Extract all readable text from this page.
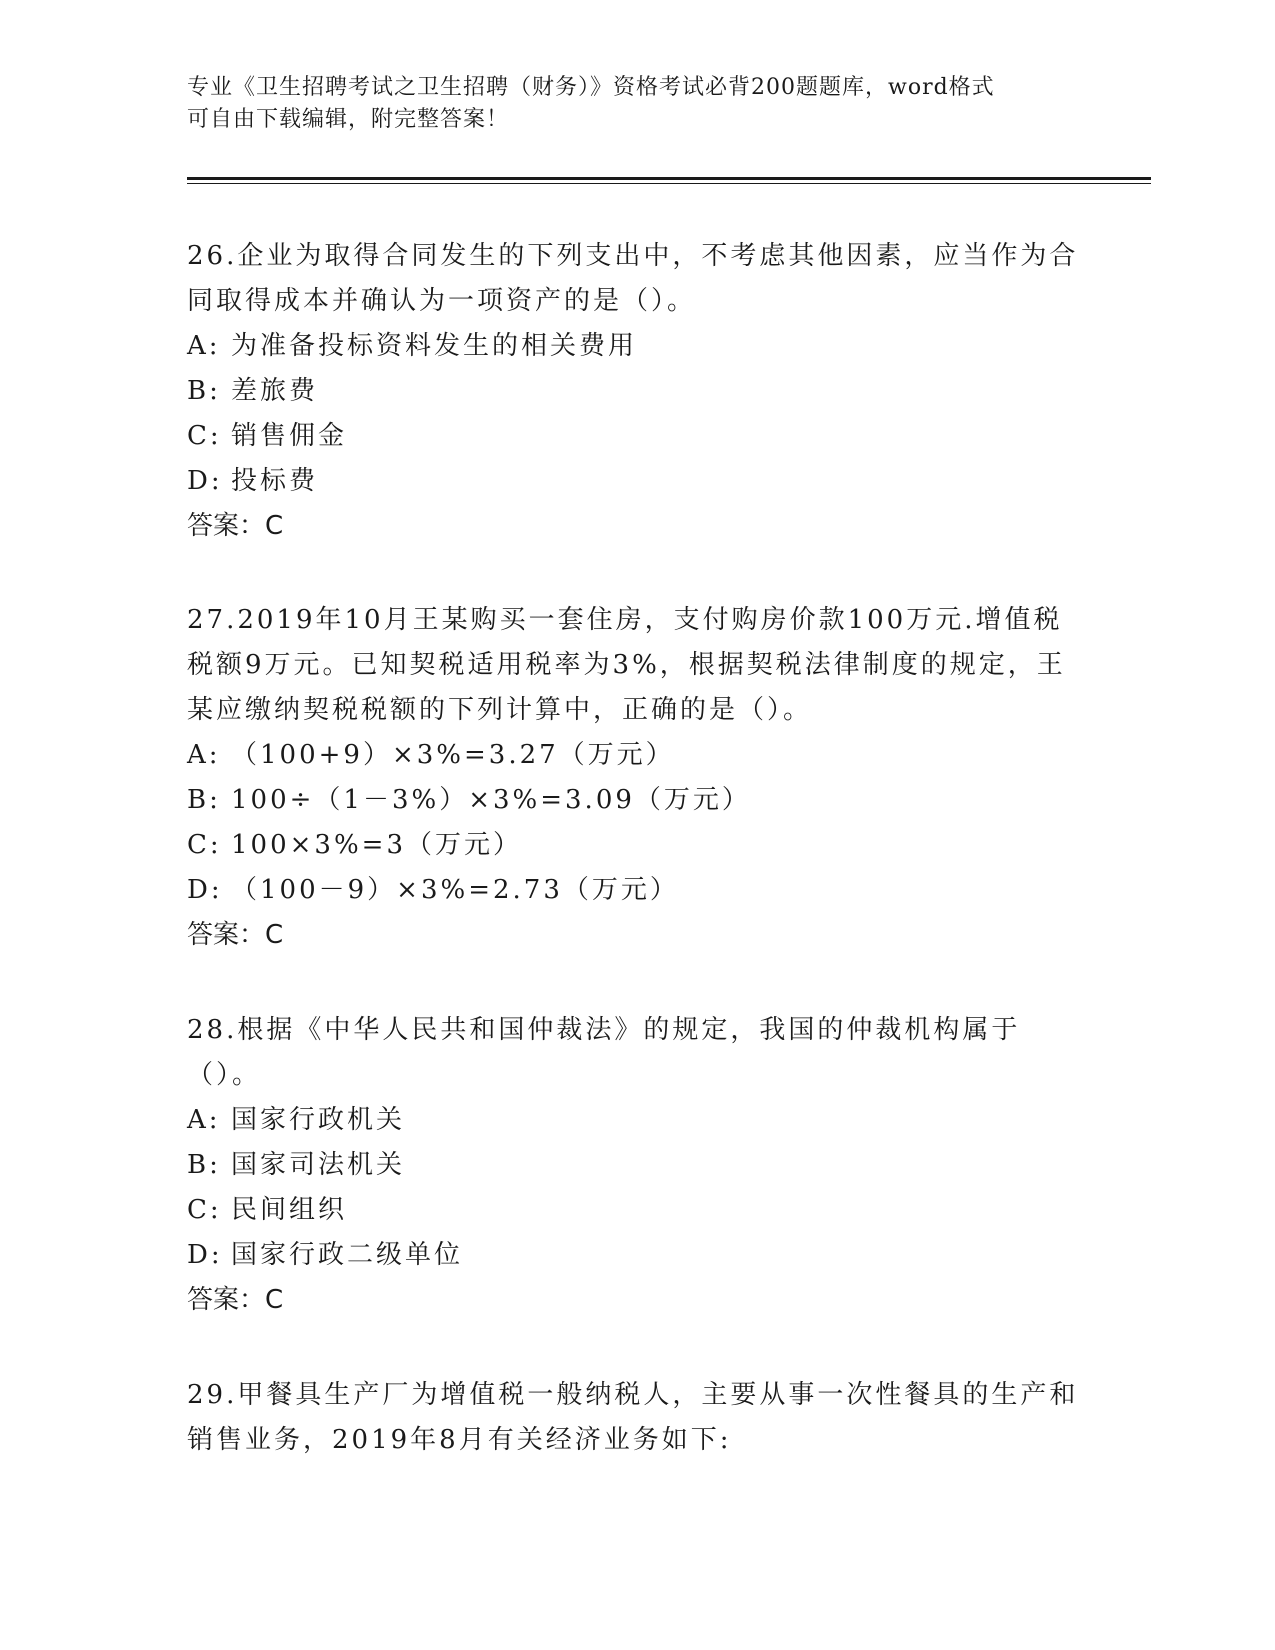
专业《卫生招聘考试之卫生招聘（财务）》资格考试必背200题题库，word格式
可自由下载编辑，附完整答案！

26.企业为取得合同发生的下列支出中，不考虑其他因素，应当作为合同取得成本并确认为一项资产的是（）。

A: 为准备投标资料发生的相关费用

B: 差旅费

C: 销售佣金

D: 投标费

答案：C

27.2019年10月王某购买一套住房，支付购房价款100万元.增值税税额9万元。已知契税适用税率为3%，根据契税法律制度的规定，王某应缴纳契税税额的下列计算中，正确的是（）。

A: （100+9）×3%=3.27（万元）

B: 100÷（1－3%）×3%=3.09（万元）

C: 100×3%=3（万元）

D: （100－9）×3%=2.73（万元）

答案：C

28.根据《中华人民共和国仲裁法》的规定，我国的仲裁机构属于（）。

A: 国家行政机关

B: 国家司法机关

C: 民间组织

D: 国家行政二级单位

答案：C

29.甲餐具生产厂为增值税一般纳税人，主要从事一次性餐具的生产和销售业务，2019年8月有关经济业务如下:
